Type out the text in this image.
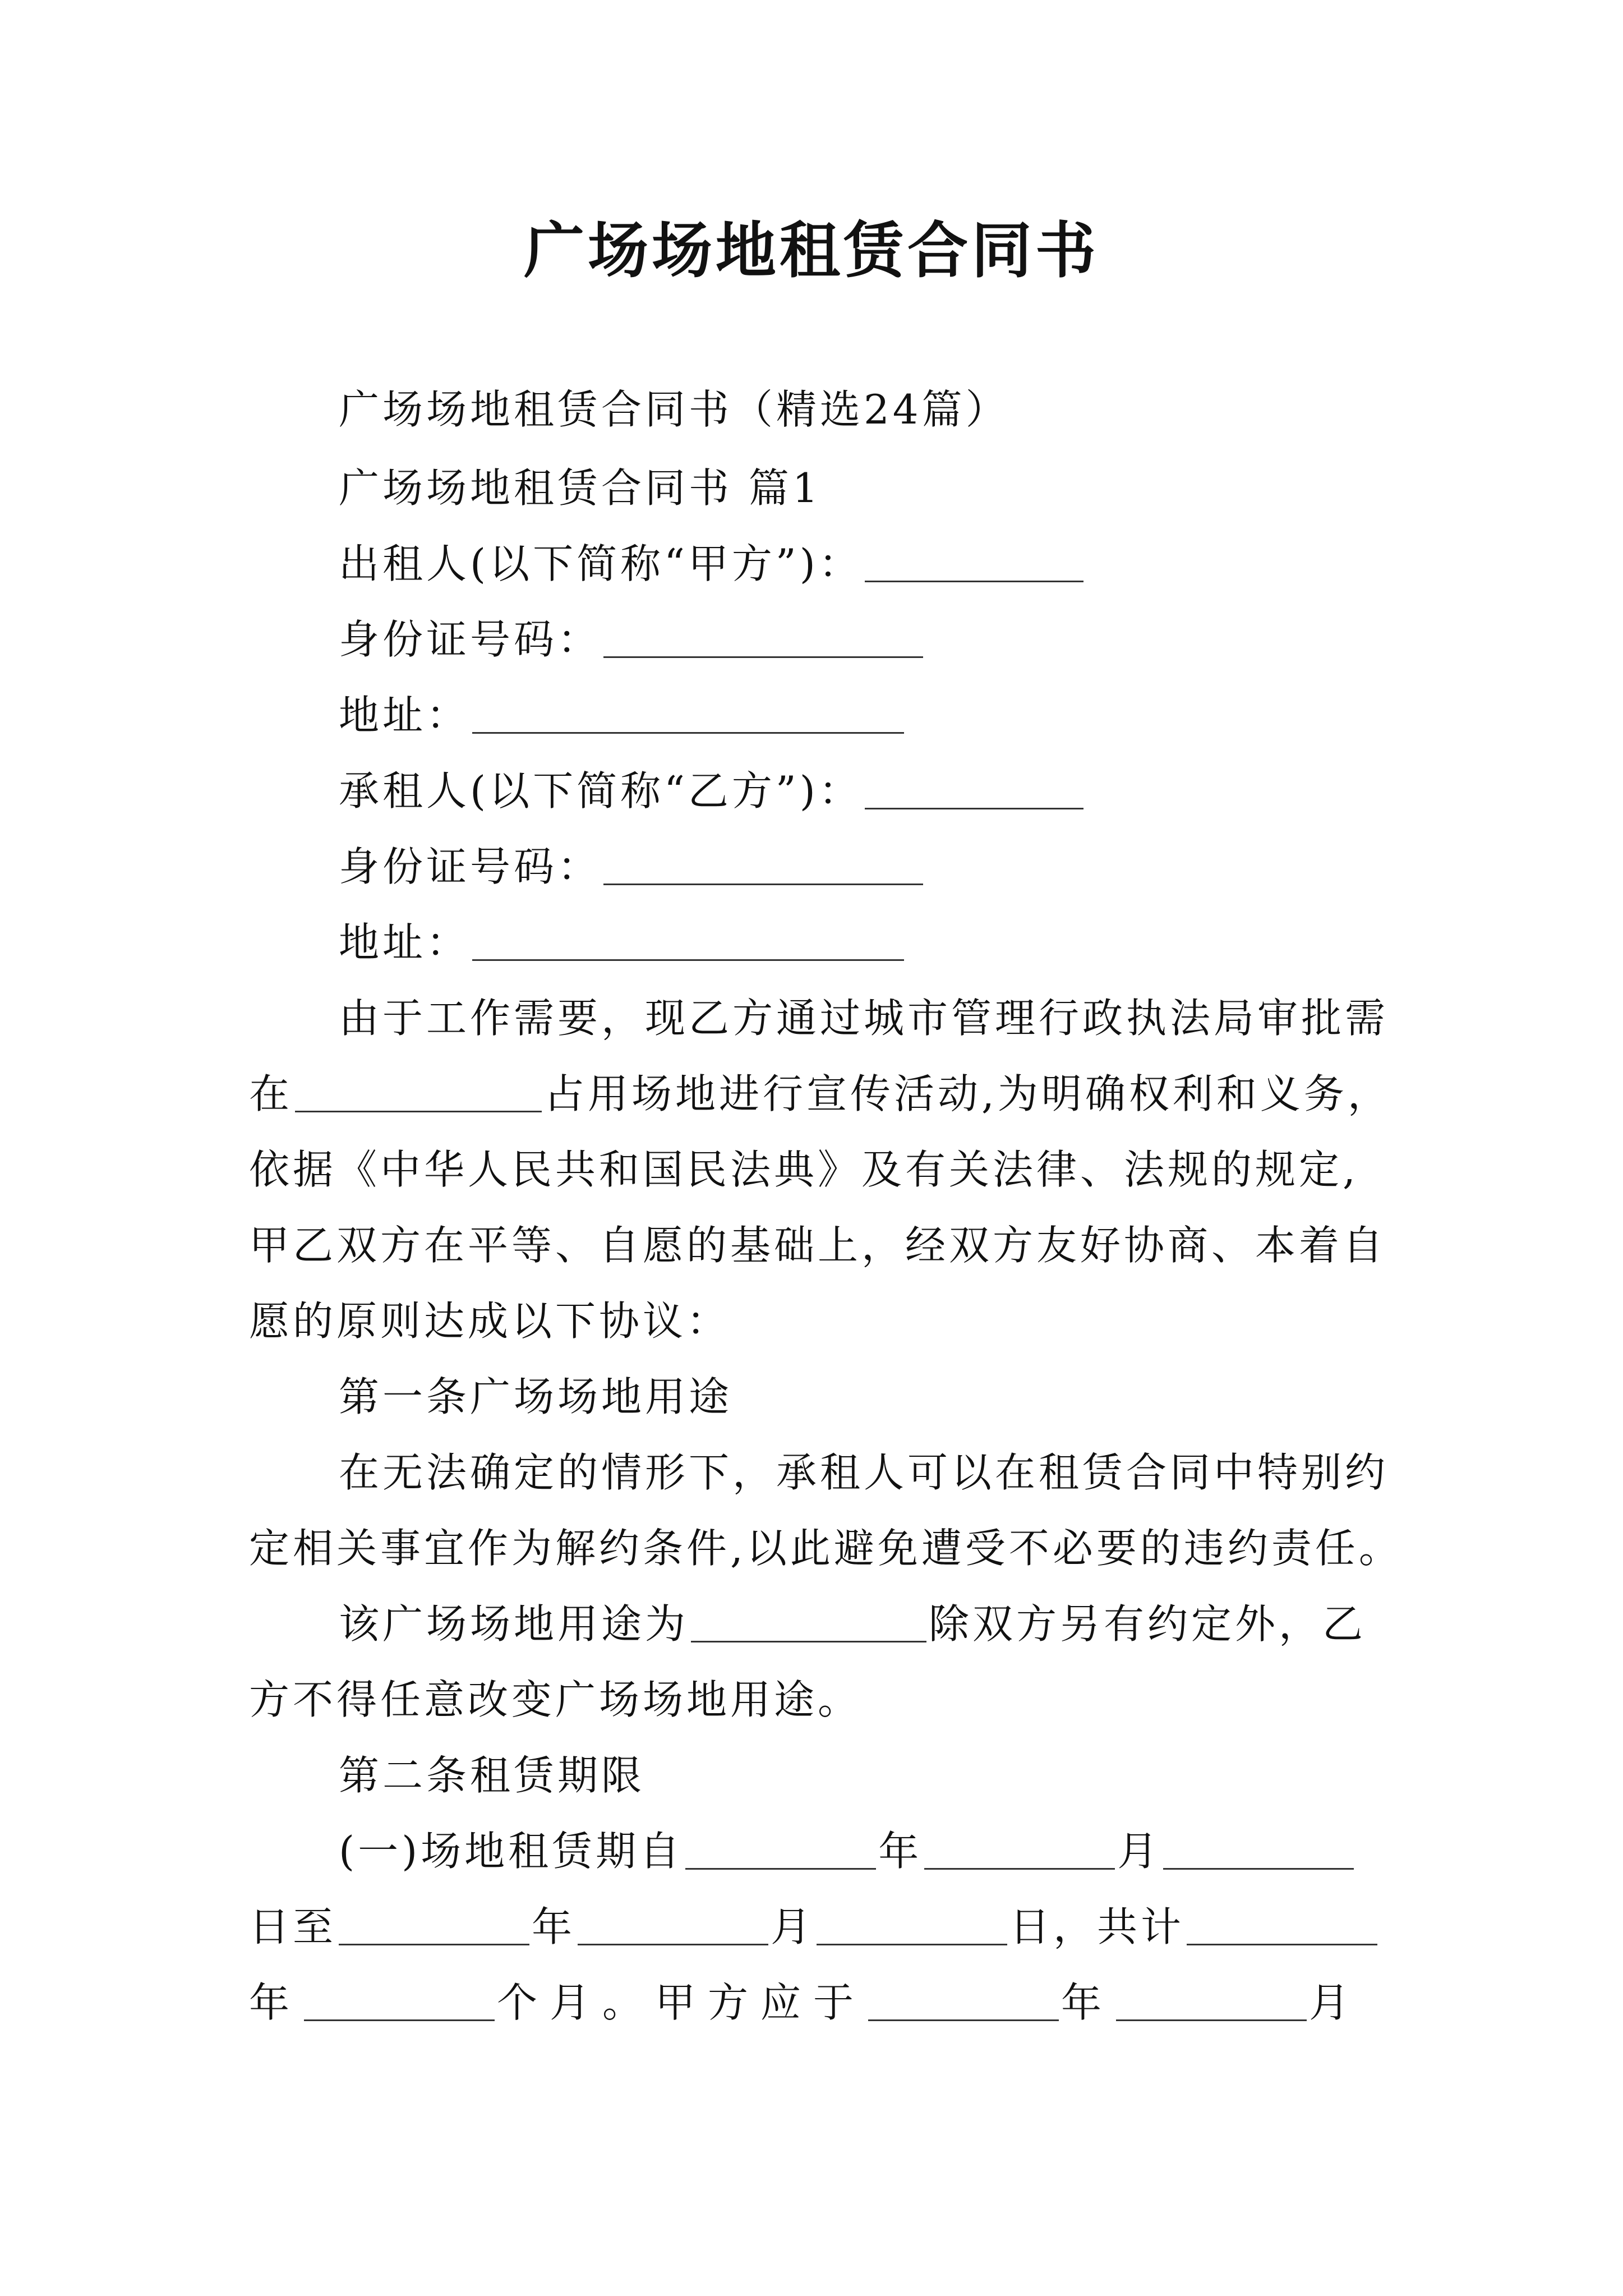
广场场地租赁合同书
广场场地租赁合同书（精选24篇）
广场场地租赁合同书 篇1
出租人(以下简称“甲方”)：
身份证号码：
地址：
承租人(以下简称“乙方”)：
身份证号码：
地址：
由于工作需要，现乙方通过城市管理行政执法局审批需
在	占用场地进行宣传活动,为明确权利和义务，
依据《中华人民共和国民法典》及有关法律、法规的规定,
甲乙双方在平等、自愿的基础上，经双方友好协商、本着自
愿的原则达成以下协议：
第一条广场场地用途
在无法确定的情形下，承租人可以在租赁合同中特别约
定相关事宜作为解约条件,以此避免遭受不必要的违约责任。
该广场场地用途为	除双方另有约定外，乙
方不得任意改变广场场地用途。
第二条租赁期限
(一)场地租赁期自	年	月
日至	年	月	日，共计
年	个月。甲方应于	年	月
